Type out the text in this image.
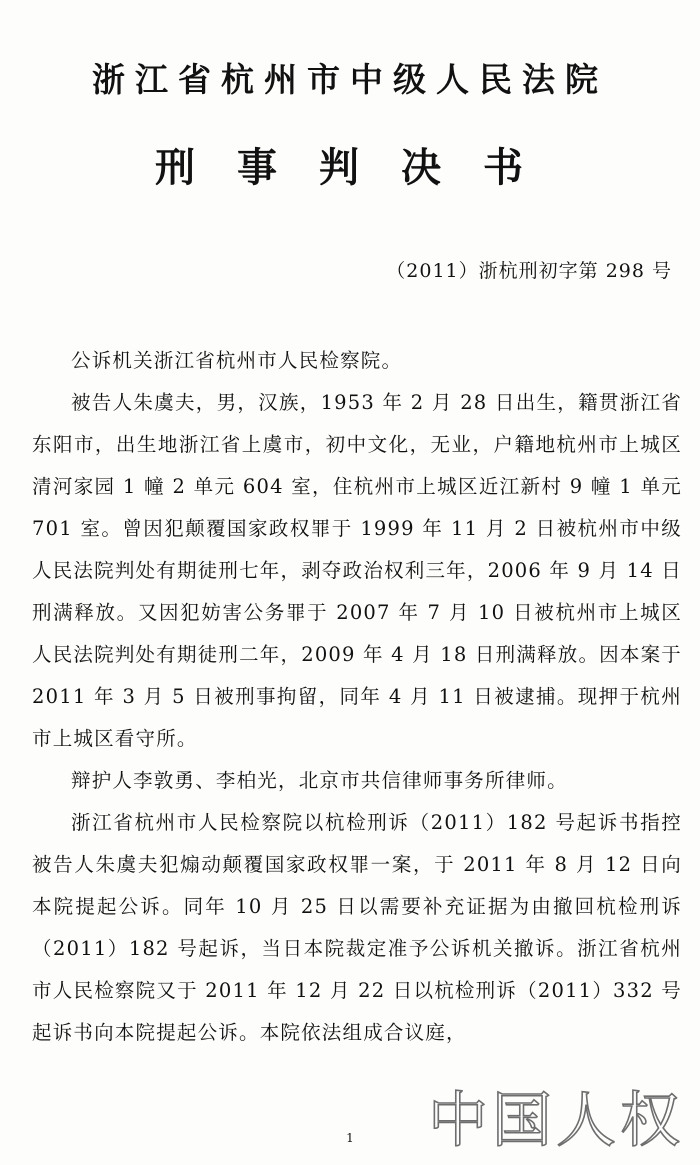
浙江省杭州市中级人民法院
刑事判决书

（2011）浙杭刑初字第 298 号

公诉机关浙江省杭州市人民检察院。

被告人朱虞夫，男，汉族，1953 年 2 月 28 日出生，籍贯浙江省东阳市，出生地浙江省上虞市，初中文化，无业，户籍地杭州市上城区清河家园 1 幢 2 单元 604 室，住杭州市上城区近江新村 9 幢 1 单元 701 室。曾因犯颠覆国家政权罪于 1999 年 11 月 2 日被杭州市中级人民法院判处有期徒刑七年，剥夺政治权利三年，2006 年 9 月 14 日刑满释放。又因犯妨害公务罪于 2007 年 7 月 10 日被杭州市上城区人民法院判处有期徒刑二年，2009 年 4 月 18 日刑满释放。因本案于 2011 年 3 月 5 日被刑事拘留，同年 4 月 11 日被逮捕。现押于杭州市上城区看守所。

辩护人李敦勇、李柏光，北京市共信律师事务所律师。

浙江省杭州市人民检察院以杭检刑诉（2011）182 号起诉书指控被告人朱虞夫犯煽动颠覆国家政权罪一案，于 2011 年 8 月 12 日向本院提起公诉。同年 10 月 25 日以需要补充证据为由撤回杭检刑诉（2011）182 号起诉，当日本院裁定准予公诉机关撤诉。浙江省杭州市人民检察院又于 2011 年 12 月 22 日以杭检刑诉（2011）332 号起诉书向本院提起公诉。本院依法组成合议庭，

1 中国人权
